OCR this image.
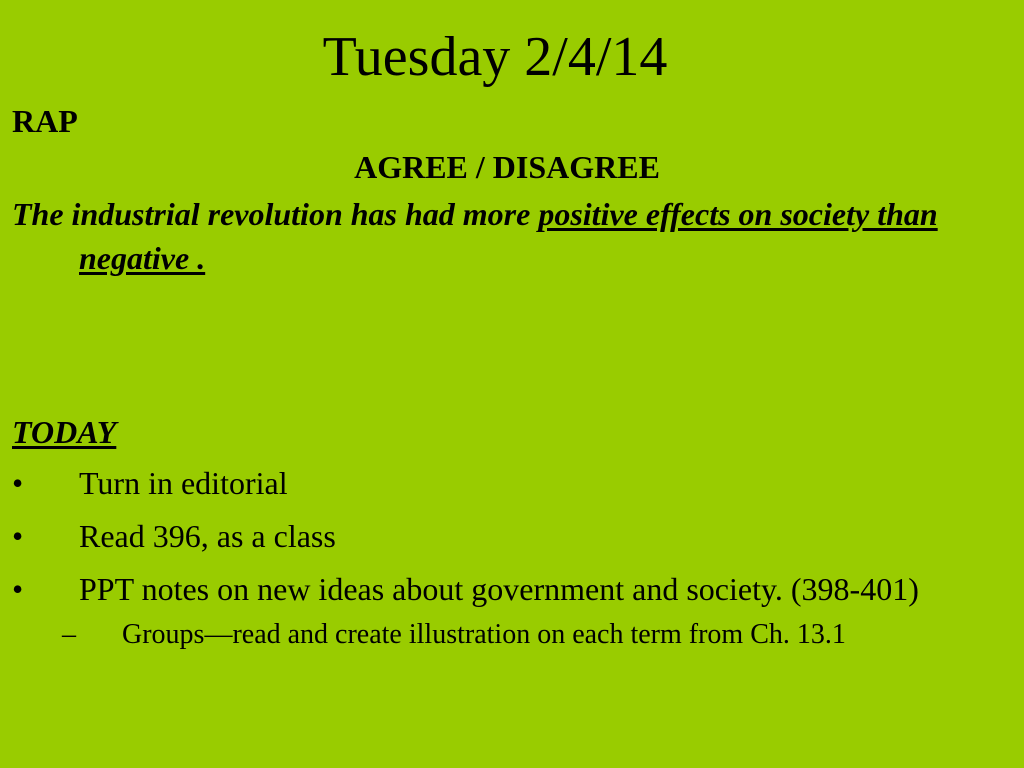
Tuesday 2/4/14
RAP
AGREE / DISAGREE
The industrial revolution has had more positive effects on society than negative .
TODAY
•	Turn in editorial
•	Read 396, as a class
•	PPT notes on new ideas about government and society. (398-401)
– Groups—read and create illustration on each term from Ch. 13.1
